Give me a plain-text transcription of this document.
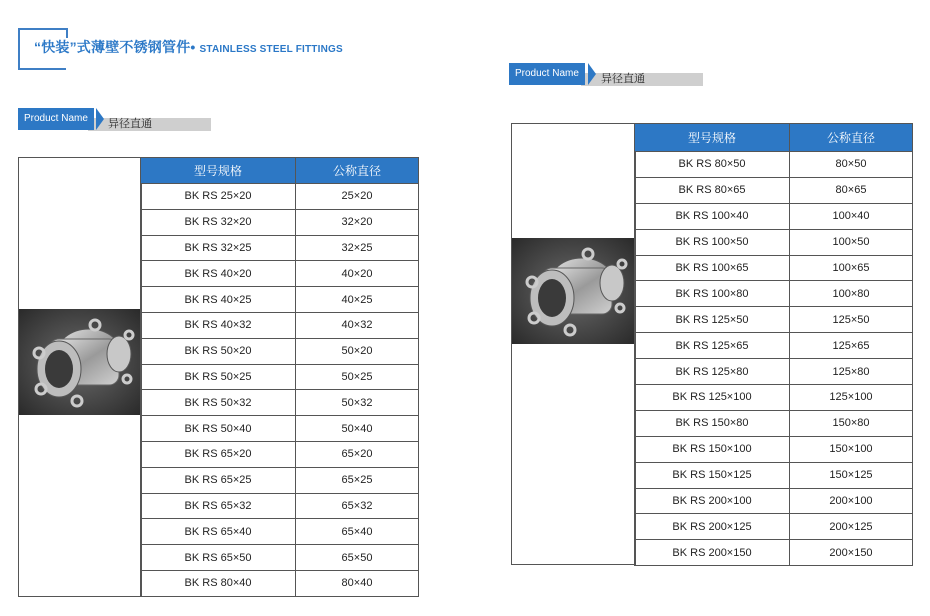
“快装”式薄壁不锈钢管件• STAINLESS STEEL FITTINGS
异径直通
Product Name
型号规格	公称直径
BK RS 25×20	25×20
BK RS 32×20	32×20
BK RS 32×25	32×25
BK RS 40×20	40×20
BK RS 40×25	40×25
BK RS 40×32	40×32
BK RS 50×20	50×20
BK RS 50×25	50×25
BK RS 50×32	50×32
BK RS 50×40	50×40
BK RS 65×20	65×20
BK RS 65×25	65×25
BK RS 65×32	65×32
BK RS 65×40	65×40
BK RS 65×50	65×50
BK RS 80×40	80×40
异径直通
Product Name
型号规格	公称直径
BK RS 80×50	80×50
BK RS 80×65	80×65
BK RS 100×40	100×40
BK RS 100×50	100×50
BK RS 100×65	100×65
BK RS 100×80	100×80
BK RS 125×50	125×50
BK RS 125×65	125×65
BK RS 125×80	125×80
BK RS 125×100	125×100
BK RS 150×80	150×80
BK RS 150×100	150×100
BK RS 150×125	150×125
BK RS 200×100	200×100
BK RS 200×125	200×125
BK RS 200×150	200×150
